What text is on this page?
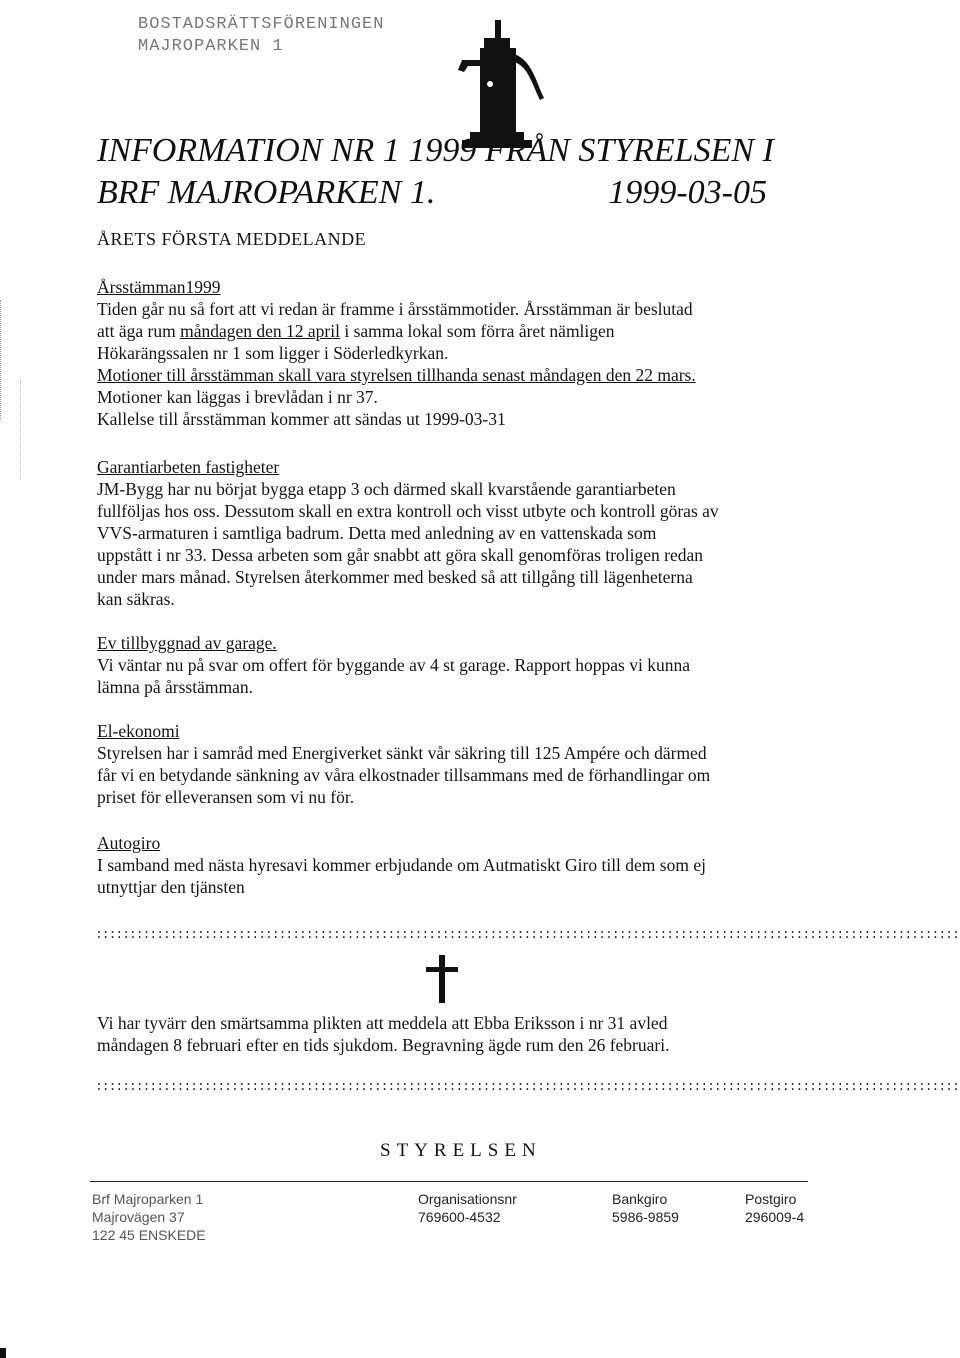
BOSTADSRÄTTSFÖRENINGEN
MAJROPARKEN 1
INFORMATION NR 1 1999 FRÅN STYRELSEN I
BRF MAJROPARKEN 1.	1999-03-05
ÅRETS FÖRSTA MEDDELANDE

Årsstämman1999

Tiden går nu så fort att vi redan är framme i årsstämmotider. Årsstämman är beslutad

att äga rum måndagen den 12 april i samma lokal som förra året nämligen

Hökarängssalen nr 1 som ligger i Söderledkyrkan.

Motioner till årsstämman skall vara styrelsen tillhanda senast måndagen den 22 mars.

Motioner kan läggas i brevlådan i nr 37.

Kallelse till årsstämman kommer att sändas ut 1999-03-31

Garantiarbeten fastigheter

JM-Bygg har nu börjat bygga etapp 3 och därmed skall kvarstående garantiarbeten

fullföljas hos oss. Dessutom skall en extra kontroll och visst utbyte och kontroll göras av

VVS-armaturen i samtliga badrum. Detta med anledning av en vattenskada som

uppstått i nr 33. Dessa arbeten som går snabbt att göra skall genomföras troligen redan

under mars månad. Styrelsen återkommer med besked så att tillgång till lägenheterna

kan säkras.

Ev tillbyggnad av garage.

Vi väntar nu på svar om offert för byggande av 4 st garage. Rapport hoppas vi kunna

lämna på årsstämman.

El-ekonomi

Styrelsen har i samråd med Energiverket sänkt vår säkring till 125 Ampére och därmed

får vi en betydande sänkning av våra elkostnader tillsammans med de förhandlingar om

priset för elleveransen som vi nu för.

Autogiro

I samband med nästa hyresavi kommer erbjudande om Autmatiskt Giro till dem som ej

utnyttjar den tjänsten

:::::::::::::::::::::::::::::::::::::::::::::::::::::::::::::::::::::::::::::::::::::::::::::::::::::::::::::::::::::::::::::::

Vi har tyvärr den smärtsamma plikten att meddela att Ebba Eriksson i nr 31 avled

måndagen 8 februari efter en tids sjukdom. Begravning ägde rum den 26 februari.

:::::::::::::::::::::::::::::::::::::::::::::::::::::::::::::::::::::::::::::::::::::::::::::::::::::::::::::::::::::::::::::::
STYRELSEN
Brf Majroparken 1
Majrovägen 37
122 45 ENSKEDE
Organisationsnr
769600-4532
Bankgiro
5986-9859
Postgiro
296009-4
